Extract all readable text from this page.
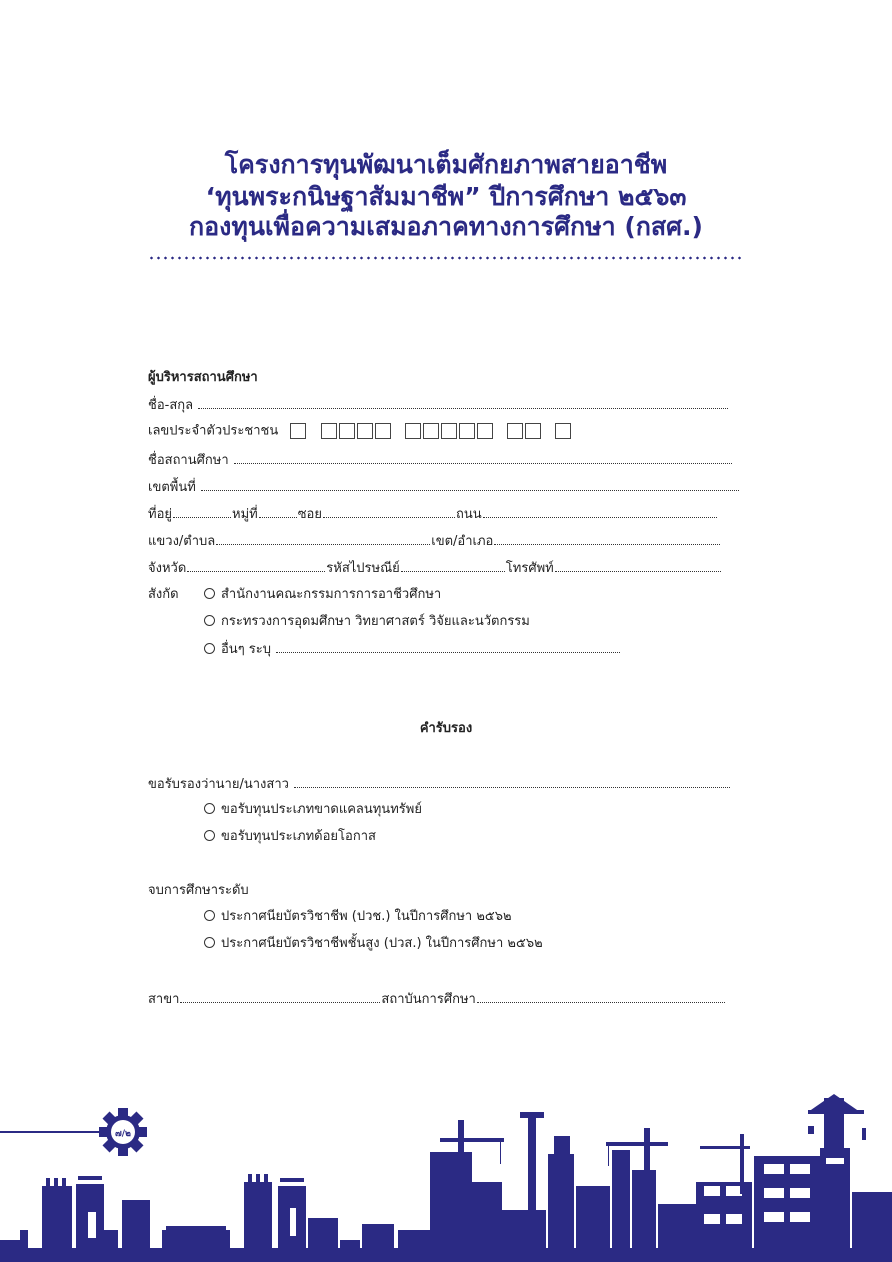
โครงการทุนพัฒนาเต็มศักยภาพสายอาชีพ
‘ทุนพระกนิษฐาสัมมาชีพ” ปีการศึกษา ๒๕๖๓
กองทุนเพื่อความเสมอภาคทางการศึกษา (กสศ.)
ผู้บริหารสถานศึกษา
ชื่อ-สกุล
เลขประจำตัวประชาชน
ชื่อสถานศึกษา
เขตพื้นที่
ที่อยู่	หมู่ที่	ซอย	ถนน
แขวง/ตำบล	เขต/อำเภอ
จังหวัด	รหัสไปรษณีย์	โทรศัพท์
สังกัด	สำนักงานคณะกรรมการการอาชีวศึกษา
กระทรวงการอุดมศึกษา วิทยาศาสตร์ วิจัยและนวัตกรรม
อื่นๆ ระบุ
คำรับรอง
ขอรับรองว่านาย/นางสาว
ขอรับทุนประเภทขาดแคลนทุนทรัพย์
ขอรับทุนประเภทด้อยโอกาส
จบการศึกษาระดับ
ประกาศนียบัตรวิชาชีพ (ปวช.) ในปีการศึกษา ๒๕๖๒
ประกาศนียบัตรวิชาชีพชั้นสูง (ปวส.) ในปีการศึกษา ๒๕๖๒
สาขา	สถาบันการศึกษา
๗/๒
